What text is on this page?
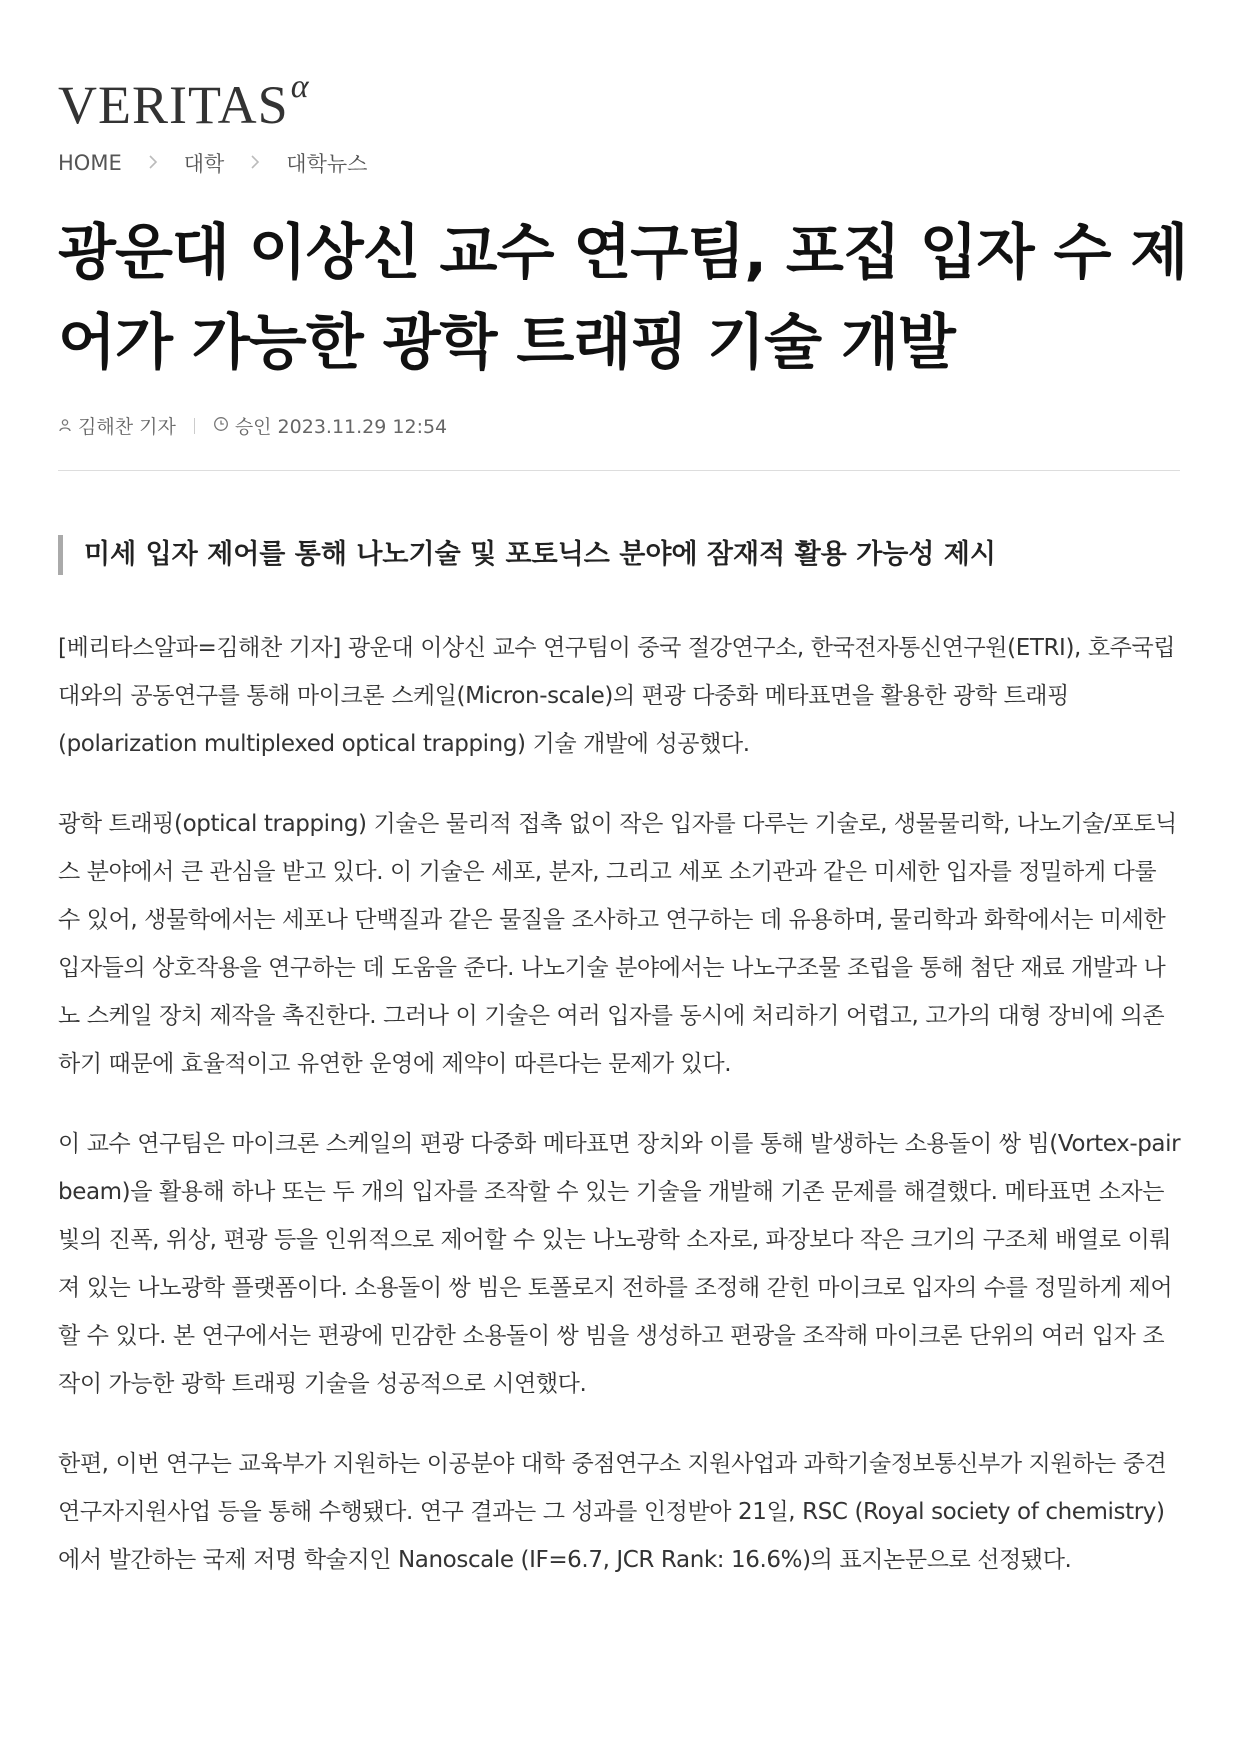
$VERITAS^\alpha$
HOME	대학	대학뉴스
광운대 이상신 교수 연구팀, 포집 입자 수 제어가 가능한 광학 트래핑 기술 개발
김해찬 기자	승인 2023.11.29 12:54
미세 입자 제어를 통해 나노기술 및 포토닉스 분야에 잠재적 활용 가능성 제시

[베리타스알파=김해찬 기자] 광운대 이상신 교수 연구팀이 중국 절강연구소, 한국전자통신연구원(ETRI), 호주국립대와의 공동연구를 통해 마이크론 스케일(Micron-scale)의 편광 다중화 메타표면을 활용한 광학 트래핑(polarization multiplexed optical trapping) 기술 개발에 성공했다.

광학 트래핑(optical trapping) 기술은 물리적 접촉 없이 작은 입자를 다루는 기술로, 생물물리학, 나노기술/포토닉스 분야에서 큰 관심을 받고 있다. 이 기술은 세포, 분자, 그리고 세포 소기관과 같은 미세한 입자를 정밀하게 다룰 수 있어, 생물학에서는 세포나 단백질과 같은 물질을 조사하고 연구하는 데 유용하며, 물리학과 화학에서는 미세한 입자들의 상호작용을 연구하는 데 도움을 준다. 나노기술 분야에서는 나노구조물 조립을 통해 첨단 재료 개발과 나노 스케일 장치 제작을 촉진한다. 그러나 이 기술은 여러 입자를 동시에 처리하기 어렵고, 고가의 대형 장비에 의존하기 때문에 효율적이고 유연한 운영에 제약이 따른다는 문제가 있다.

이 교수 연구팀은 마이크론 스케일의 편광 다중화 메타표면 장치와 이를 통해 발생하는 소용돌이 쌍 빔(Vortex-pair beam)을 활용해 하나 또는 두 개의 입자를 조작할 수 있는 기술을 개발해 기존 문제를 해결했다. 메타표면 소자는 빛의 진폭, 위상, 편광 등을 인위적으로 제어할 수 있는 나노광학 소자로, 파장보다 작은 크기의 구조체 배열로 이뤄져 있는 나노광학 플랫폼이다. 소용돌이 쌍 빔은 토폴로지 전하를 조정해 갇힌 마이크로 입자의 수를 정밀하게 제어할 수 있다. 본 연구에서는 편광에 민감한 소용돌이 쌍 빔을 생성하고 편광을 조작해 마이크론 단위의 여러 입자 조작이 가능한 광학 트래핑 기술을 성공적으로 시연했다.

한편, 이번 연구는 교육부가 지원하는 이공분야 대학 중점연구소 지원사업과 과학기술정보통신부가 지원하는 중견연구자지원사업 등을 통해 수행됐다. 연구 결과는 그 성과를 인정받아 21일, RSC (Royal society of chemistry)에서 발간하는 국제 저명 학술지인 Nanoscale (IF=6.7, JCR Rank: 16.6%)의 표지논문으로 선정됐다.
